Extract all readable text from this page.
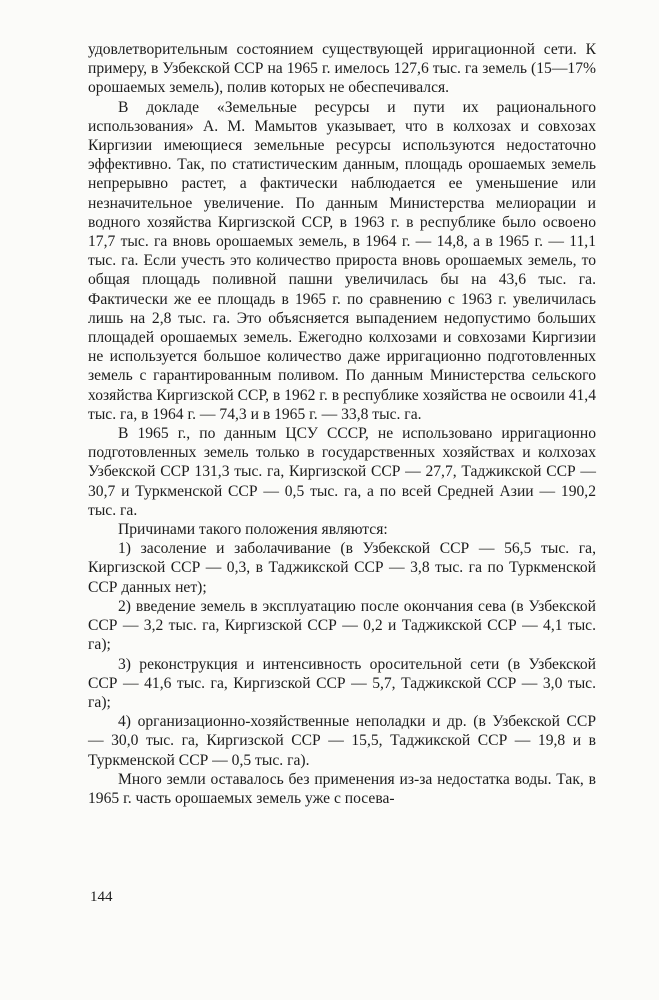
удовлетворительным состоянием существующей ирригационной сети. К примеру, в Узбекской ССР на 1965 г. имелось 127,6 тыс. га земель (15—17% орошаемых земель), полив которых не обеспечивался.

В докладе «Земельные ресурсы и пути их рационального использования» А. М. Мамытов указывает, что в колхозах и совхозах Киргизии имеющиеся земельные ресурсы используются недостаточно эффективно. Так, по статистическим данным, площадь орошаемых земель непрерывно растет, а фактически наблюдается ее уменьшение или незначительное увеличение. По данным Министерства мелиорации и водного хозяйства Киргизской ССР, в 1963 г. в республике было освоено 17,7 тыс. га вновь орошаемых земель, в 1964 г. — 14,8, а в 1965 г. — 11,1 тыс. га. Если учесть это количество прироста вновь орошаемых земель, то общая площадь поливной пашни увеличилась бы на 43,6 тыс. га. Фактически же ее площадь в 1965 г. по сравнению с 1963 г. увеличилась лишь на 2,8 тыс. га. Это объясняется выпадением недопустимо больших площадей орошаемых земель. Ежегодно колхозами и совхозами Киргизии не используется большое количество даже ирригационно подготовленных земель с гарантированным поливом. По данным Министерства сельского хозяйства Киргизской ССР, в 1962 г. в республике хозяйства не освоили 41,4 тыс. га, в 1964 г. — 74,3 и в 1965 г. — 33,8 тыс. га.

В 1965 г., по данным ЦСУ СССР, не использовано ирригационно подготовленных земель только в государственных хозяйствах и колхозах Узбекской ССР 131,3 тыс. га, Киргизской ССР — 27,7, Таджикской ССР — 30,7 и Туркменской ССР — 0,5 тыс. га, а по всей Средней Азии — 190,2 тыс. га.

Причинами такого положения являются:

1) засоление и заболачивание (в Узбекской ССР — 56,5 тыс. га, Киргизской ССР — 0,3, в Таджикской ССР — 3,8 тыс. га по Туркменской ССР данных нет);

2) введение земель в эксплуатацию после окончания сева (в Узбекской ССР — 3,2 тыс. га, Киргизской ССР — 0,2 и Таджикской ССР — 4,1 тыс. га);

3) реконструкция и интенсивность оросительной сети (в Узбекской ССР — 41,6 тыс. га, Киргизской ССР — 5,7, Таджикской ССР — 3,0 тыс. га);

4) организационно-хозяйственные неполадки и др. (в Узбекской ССР — 30,0 тыс. га, Киргизской ССР — 15,5, Таджикской ССР — 19,8 и в Туркменской ССР — 0,5 тыс. га).

Много земли оставалось без применения из-за недостатка воды. Так, в 1965 г. часть орошаемых земель уже с посева-

144
